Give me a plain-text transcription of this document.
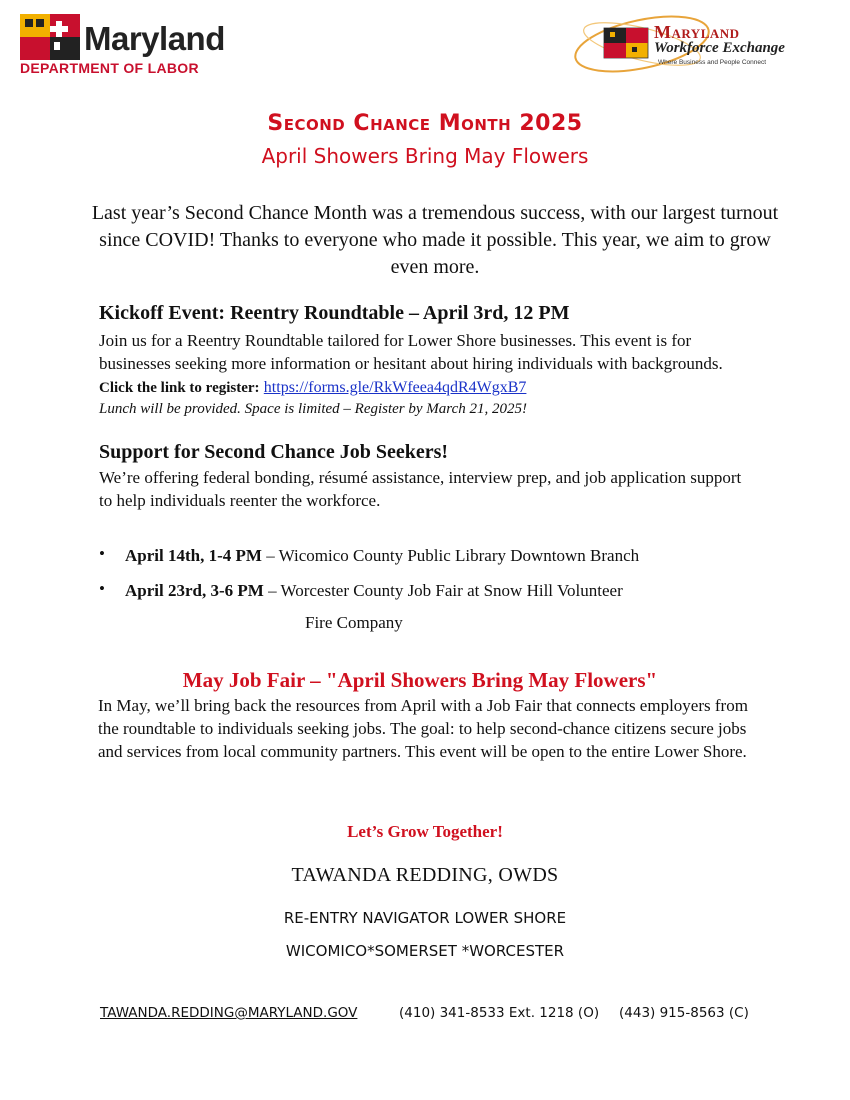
Maryland
DEPARTMENT OF LABOR
Maryland
Workforce Exchange
Where Business and People Connect
Second Chance Month 2025
April Showers Bring May Flowers
Last year’s Second Chance Month was a tremendous success, with our largest turnout since COVID! Thanks to everyone who made it possible. This year, we aim to grow even more.
Kickoff Event: Reentry Roundtable – April 3rd, 12 PM
Join us for a Reentry Roundtable tailored for Lower Shore businesses. This event is for businesses seeking more information or hesitant about hiring individuals with backgrounds.  Click the link to register: https://forms.gle/RkWfeea4qdR4WgxB7
Lunch will be provided. Space is limited – Register by March 21, 2025!
Support for Second Chance Job Seekers!
We’re offering federal bonding, résumé assistance, interview prep, and job application support to help individuals reenter the workforce.
• April 14th, 1-4 PM – Wicomico County Public Library Downtown Branch
• April 23rd, 3-6 PM – Worcester County Job Fair at Snow Hill Volunteer
Fire Company
May Job Fair – "April Showers Bring May Flowers"
In May, we’ll bring back the resources from April with a Job Fair that connects employers from the roundtable to individuals seeking jobs. The goal: to help second-chance citizens secure jobs and services from local community partners. This event will be open to the entire Lower Shore.
Let’s Grow Together!
TAWANDA REDDING, OWDS
RE-ENTRY NAVIGATOR LOWER SHORE
WICOMICO*SOMERSET *WORCESTER
TAWANDA.REDDING@MARYLAND.GOV	(410) 341-8533 Ext. 1218 (O) (443) 915-8563 (C)
